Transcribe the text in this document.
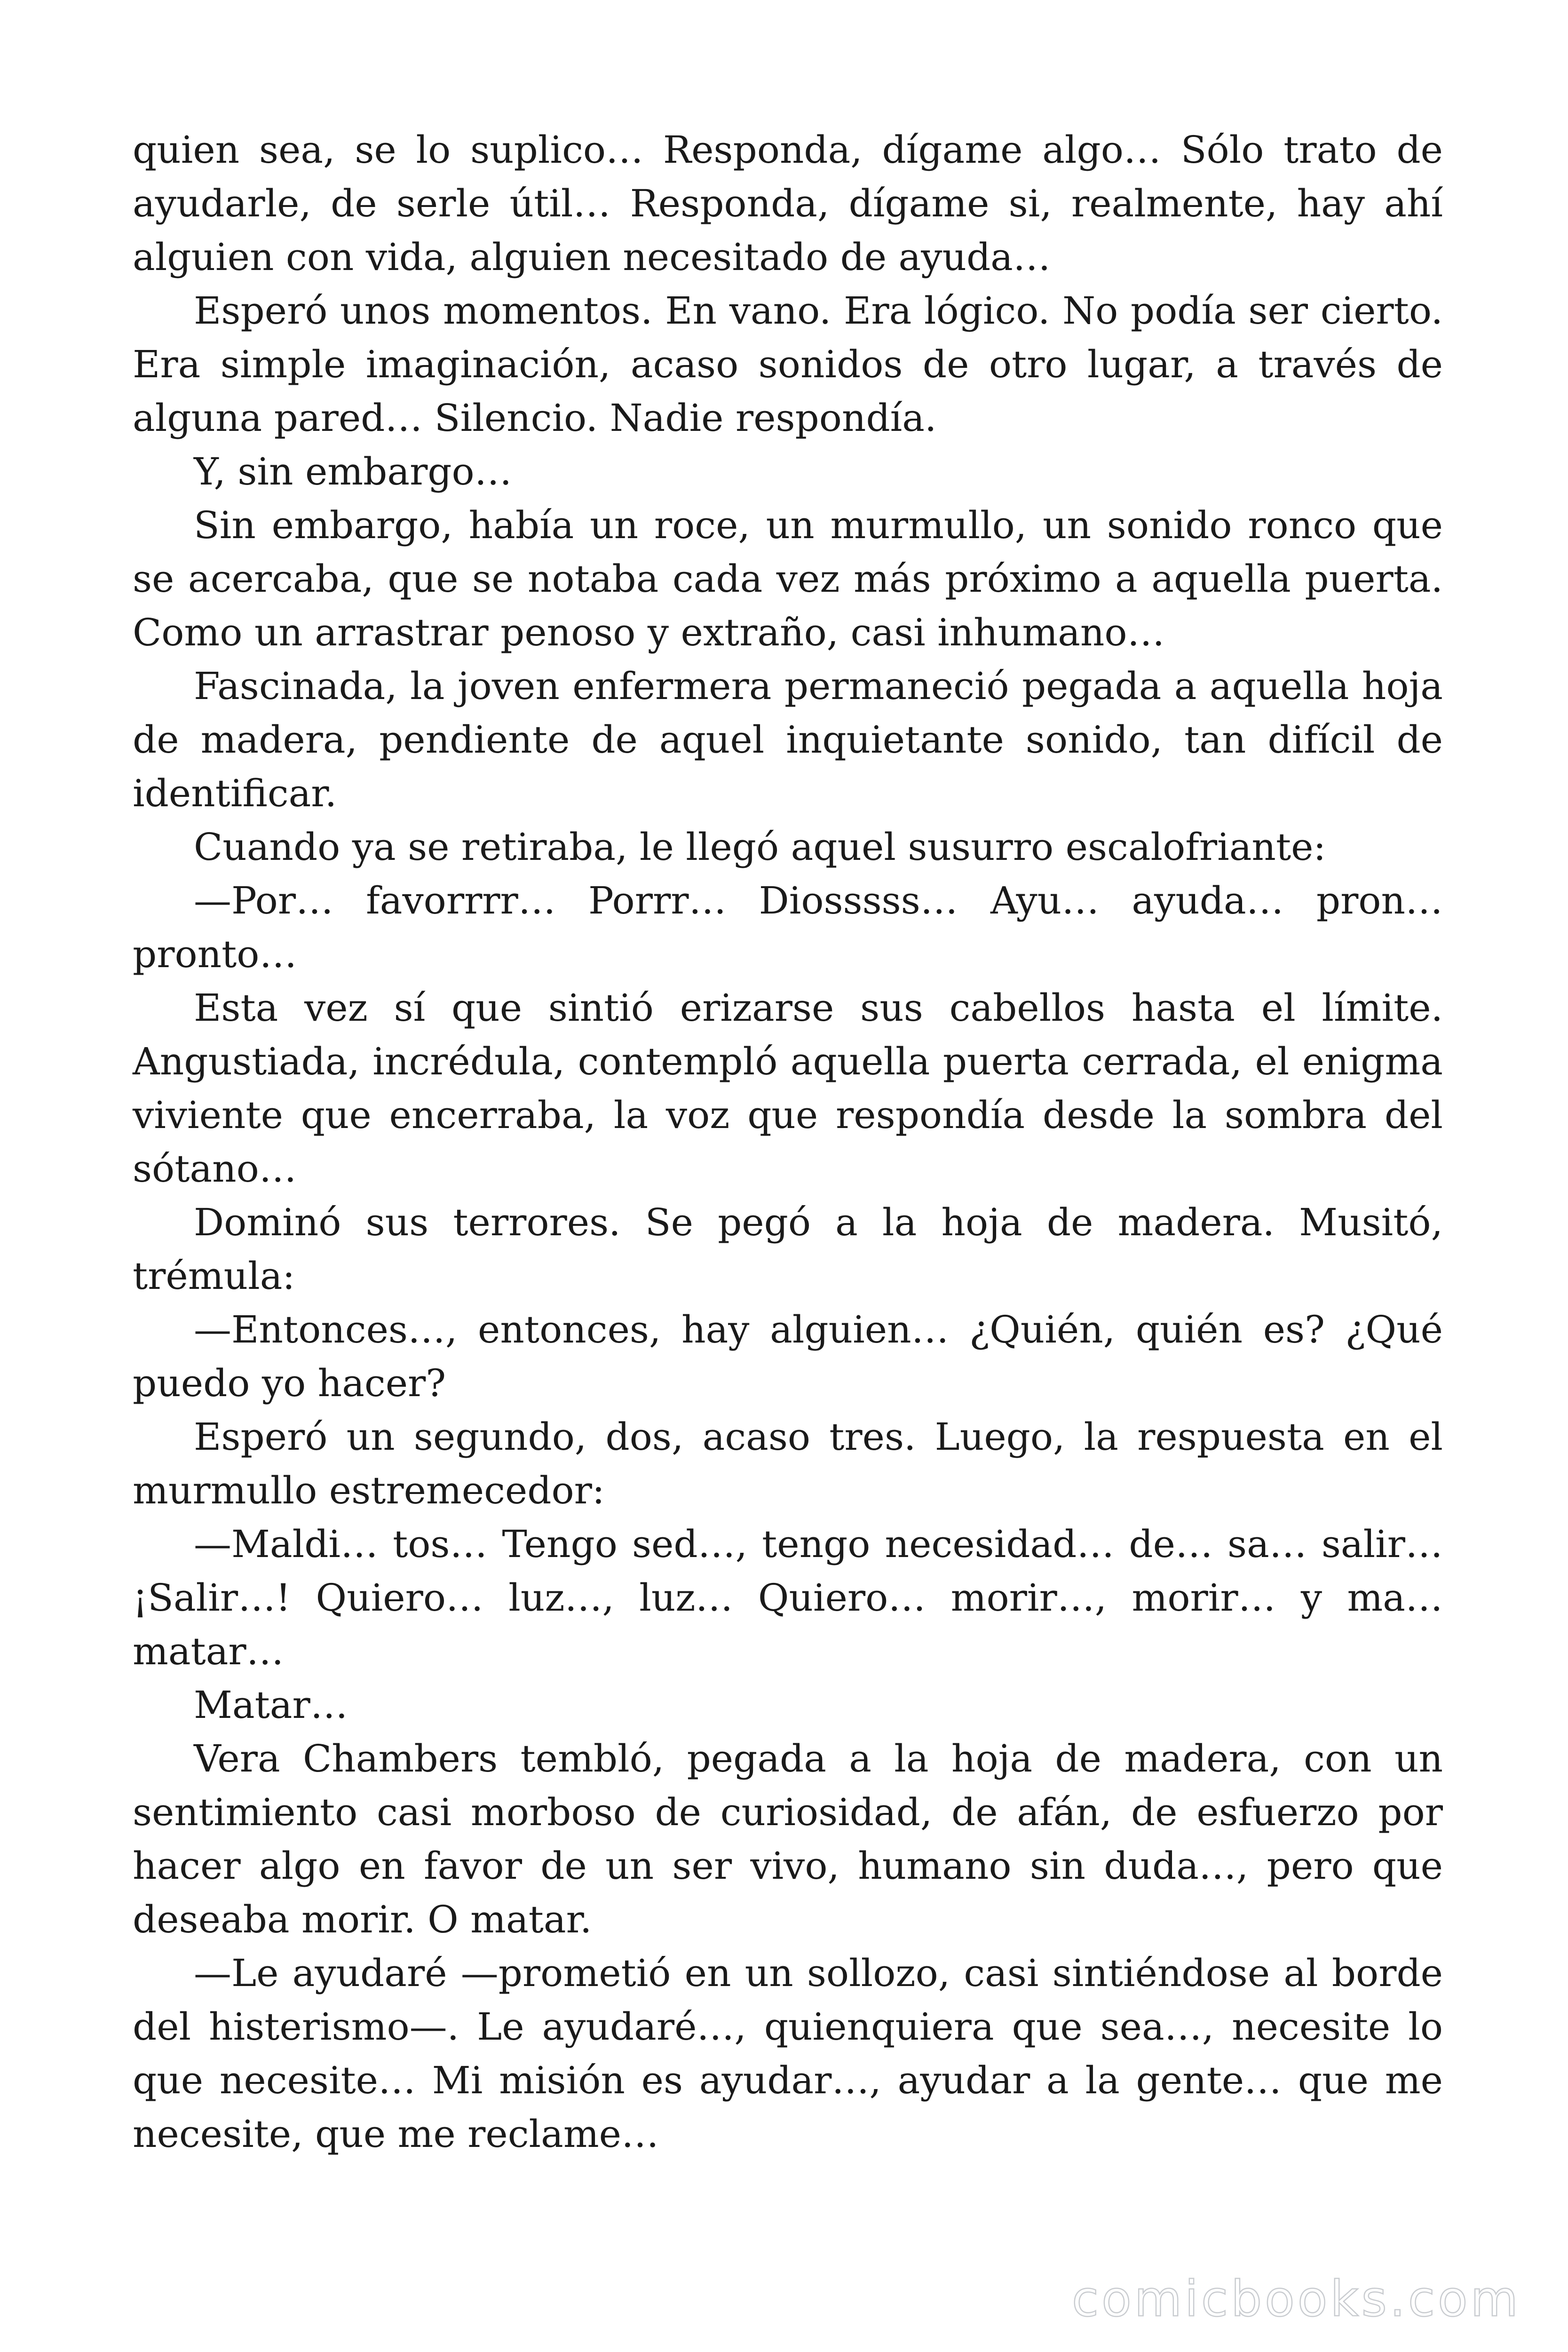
quien sea, se lo suplico… Responda, dígame algo… Sólo trato de ayudarle, de serle útil… Responda, dígame si, realmente, hay ahí alguien con vida, alguien necesitado de ayuda…

Esperó unos momentos. En vano. Era lógico. No podía ser cierto. Era simple imaginación, acaso sonidos de otro lugar, a través de alguna pared… Silencio. Nadie respondía.

Y, sin embargo…

Sin embargo, había un roce, un murmullo, un sonido ronco que se acercaba, que se notaba cada vez más próximo a aquella puerta. Como un arrastrar penoso y extraño, casi inhumano…

Fascinada, la joven enfermera permaneció pegada a aquella hoja de madera, pendiente de aquel inquietante sonido, tan difícil de identificar.

Cuando ya se retiraba, le llegó aquel susurro escalofriante:

—Por… favorrrr… Porrr… Diosssss… Ayu… ayuda… pron… pronto…

Esta vez sí que sintió erizarse sus cabellos hasta el límite. Angustiada, incrédula, contempló aquella puerta cerrada, el enigma viviente que encerraba, la voz que respondía desde la sombra del sótano…

Dominó sus terrores. Se pegó a la hoja de madera. Musitó, trémula:

—Entonces…, entonces, hay alguien… ¿Quién, quién es? ¿Qué puedo yo hacer?

Esperó un segundo, dos, acaso tres. Luego, la respuesta en el murmullo estremecedor:

—Maldi… tos… Tengo sed…, tengo necesidad… de… sa… salir… ¡Salir…! Quiero… luz…, luz… Quiero… morir…, morir… y ma… matar…

Matar…

Vera Chambers tembló, pegada a la hoja de madera, con un sentimiento casi morboso de curiosidad, de afán, de esfuerzo por hacer algo en favor de un ser vivo, humano sin duda…, pero que deseaba morir. O matar.

—Le ayudaré —prometió en un sollozo, casi sintiéndose al borde del histerismo—. Le ayudaré…, quienquiera que sea…, necesite lo que necesite… Mi misión es ayudar…, ayudar a la gente… que me necesite, que me reclame…

comicbooks.com
